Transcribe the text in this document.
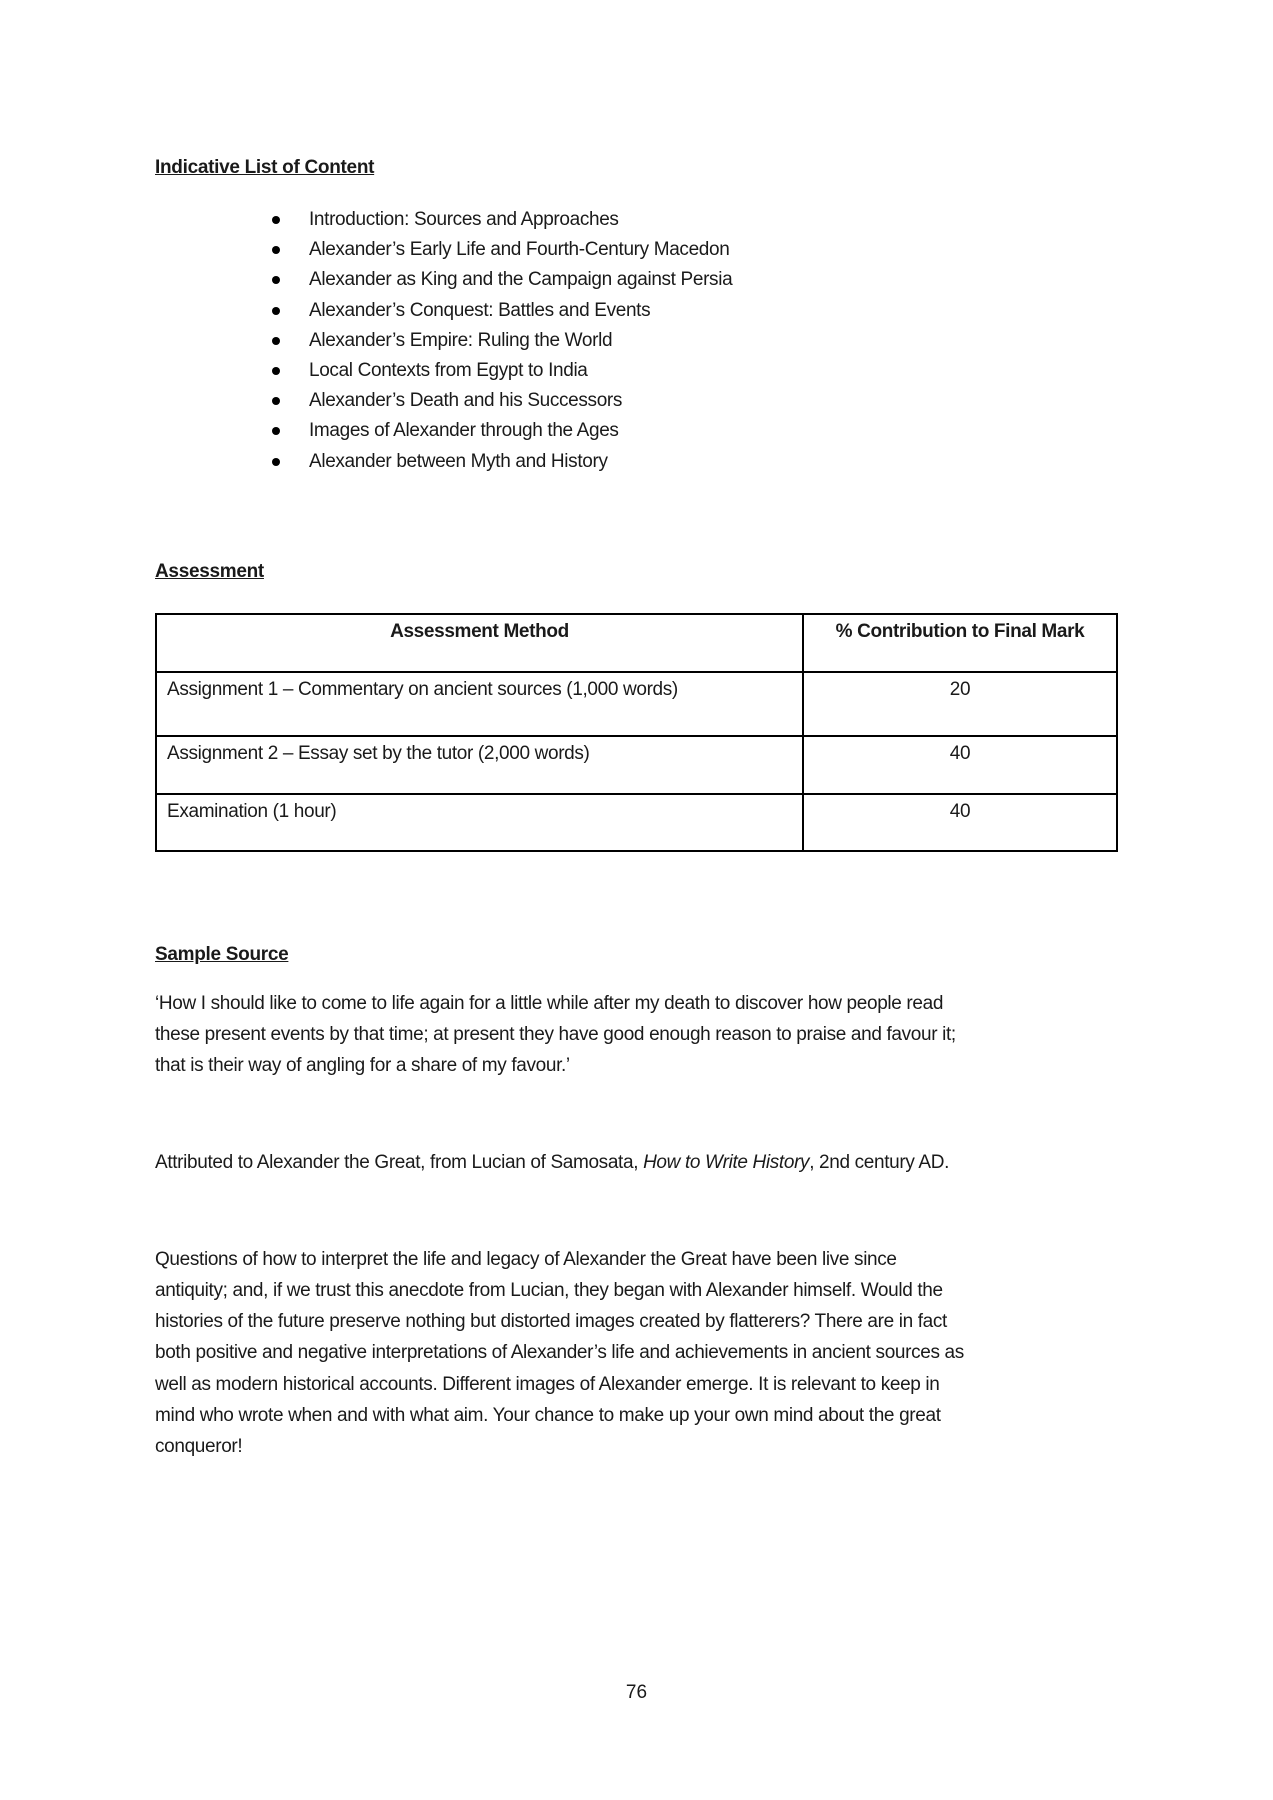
Indicative List of Content
Introduction: Sources and Approaches
Alexander’s Early Life and Fourth-Century Macedon
Alexander as King and the Campaign against Persia
Alexander’s Conquest: Battles and Events
Alexander’s Empire: Ruling the World
Local Contexts from Egypt to India
Alexander’s Death and his Successors
Images of Alexander through the Ages
Alexander between Myth and History
Assessment
Assessment Method	% Contribution to Final Mark
Assignment 1 – Commentary on ancient sources (1,000 words)	20
Assignment 2 – Essay set by the tutor (2,000 words)	40
Examination (1 hour)	40
Sample Source
‘How I should like to come to life again for a little while after my death to discover how people read
these present events by that time; at present they have good enough reason to praise and favour it;
that is their way of angling for a share of my favour.’
Attributed to Alexander the Great, from Lucian of Samosata, How to Write History, 2nd century AD.
Questions of how to interpret the life and legacy of Alexander the Great have been live since
antiquity; and, if we trust this anecdote from Lucian, they began with Alexander himself. Would the
histories of the future preserve nothing but distorted images created by flatterers? There are in fact
both positive and negative interpretations of Alexander’s life and achievements in ancient sources as
well as modern historical accounts. Different images of Alexander emerge. It is relevant to keep in
mind who wrote when and with what aim. Your chance to make up your own mind about the great
conqueror!
76
